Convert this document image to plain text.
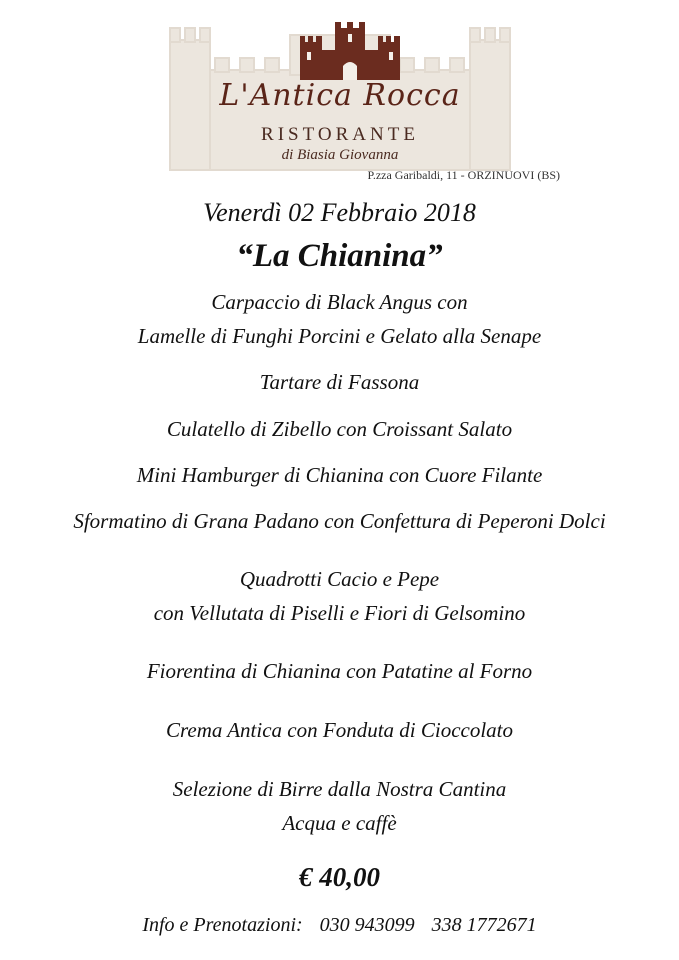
L'Antica Rocca
RISTORANTE
di Biasia Giovanna
P.zza Garibaldi, 11 - ORZINUOVI (BS)
Venerdì 02 Febbraio 2018
“La Chianina”
Carpaccio di Black Angus con
Lamelle di Funghi Porcini e Gelato alla Senape
Tartare di Fassona
Culatello di Zibello con Croissant Salato
Mini Hamburger di Chianina con Cuore Filante
Sformatino di Grana Padano con Confettura di Peperoni Dolci
Quadrotti Cacio e Pepe
con Vellutata di Piselli e Fiori di Gelsomino
Fiorentina di Chianina con Patatine al Forno
Crema Antica con Fonduta di Cioccolato
Selezione di Birre dalla Nostra Cantina
Acqua e caffè
€ 40,00
Info e Prenotazioni: 030 943099 338 1772671
